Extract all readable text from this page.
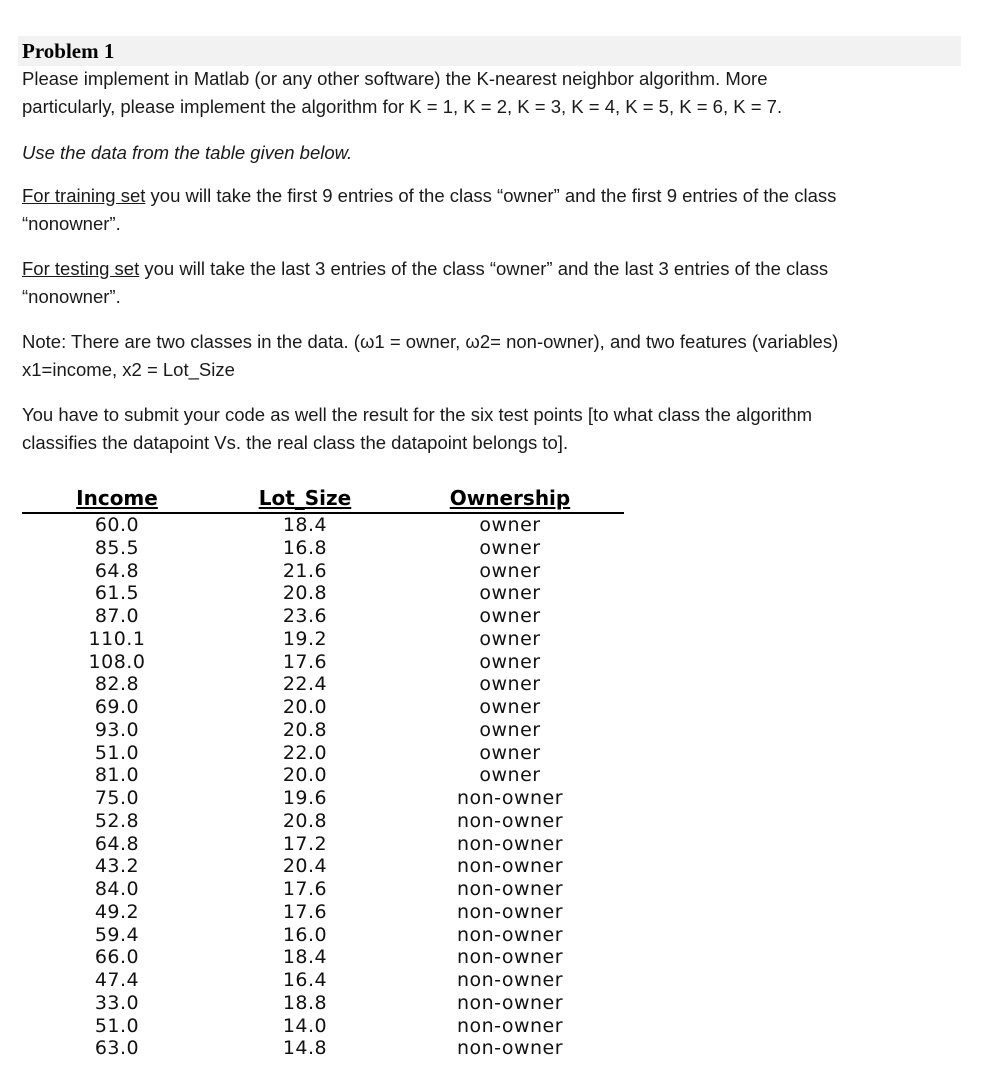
Problem 1

Please implement in Matlab (or any other software) the K-nearest neighbor algorithm. More
particularly, please implement the algorithm for K = 1, K = 2, K = 3, K = 4, K = 5, K = 6, K = 7.

Use the data from the table given below.

For training set you will take the first 9 entries of the class “owner” and the first 9 entries of the class
“nonowner”.

For testing set you will take the last 3 entries of the class “owner” and the last 3 entries of the class
“nonowner”.

Note: There are two classes in the data. (ω1 = owner, ω2= non-owner), and two features (variables)
x1=income, x2 = Lot_Size

You have to submit your code as well the result for the six test points [to what class the algorithm
classifies the datapoint Vs. the real class the datapoint belongs to].

Income	Lot_Size	Ownership
60.0	18.4	owner
85.5	16.8	owner
64.8	21.6	owner
61.5	20.8	owner
87.0	23.6	owner
110.1	19.2	owner
108.0	17.6	owner
82.8	22.4	owner
69.0	20.0	owner
93.0	20.8	owner
51.0	22.0	owner
81.0	20.0	owner
75.0	19.6	non-owner
52.8	20.8	non-owner
64.8	17.2	non-owner
43.2	20.4	non-owner
84.0	17.6	non-owner
49.2	17.6	non-owner
59.4	16.0	non-owner
66.0	18.4	non-owner
47.4	16.4	non-owner
33.0	18.8	non-owner
51.0	14.0	non-owner
63.0	14.8	non-owner
